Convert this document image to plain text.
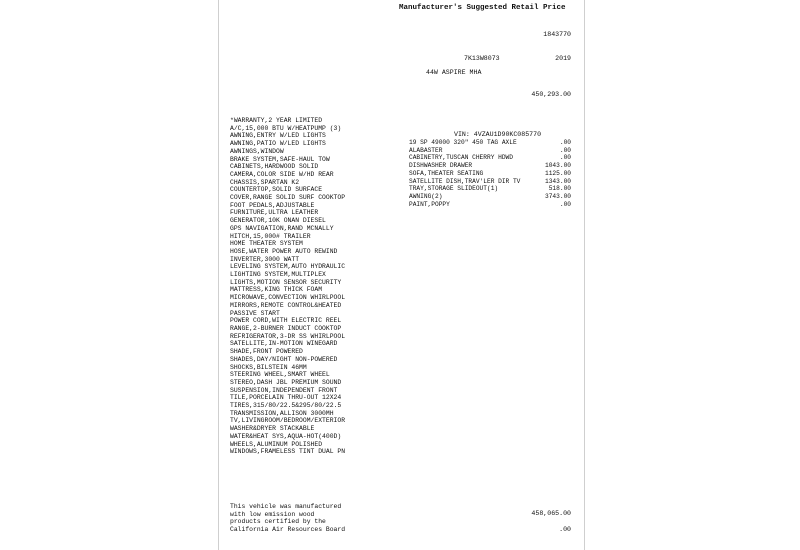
Manufacturer's Suggested Retail Price
1843770
7K13W8073	2019
44W ASPIRE MHA
450,293.00
VIN: 4VZAU1D90KC085770
*WARRANTY,2 YEAR LIMITED
A/C,15,000 BTU W/HEATPUMP (3)
AWNING,ENTRY W/LED LIGHTS
AWNING,PATIO W/LED LIGHTS
AWNINGS,WINDOW
BRAKE SYSTEM,SAFE-HAUL TOW
CABINETS,HARDWOOD SOLID
CAMERA,COLOR SIDE W/HD REAR
CHASSIS,SPARTAN K2
COUNTERTOP,SOLID SURFACE
COVER,RANGE SOLID SURF COOKTOP
FOOT PEDALS,ADJUSTABLE
FURNITURE,ULTRA LEATHER
GENERATOR,10K ONAN DIESEL
GPS NAVIGATION,RAND MCNALLY
HITCH,15,000# TRAILER
HOME THEATER SYSTEM
HOSE,WATER POWER AUTO REWIND
INVERTER,3000 WATT
LEVELING SYSTEM,AUTO HYDRAULIC
LIGHTING SYSTEM,MULTIPLEX
LIGHTS,MOTION SENSOR SECURITY
MATTRESS,KING THICK FOAM
MICROWAVE,CONVECTION WHIRLPOOL
MIRRORS,REMOTE CONTROL&HEATED
PASSIVE START
POWER CORD,WITH ELECTRIC REEL
RANGE,2-BURNER INDUCT COOKTOP
REFRIGERATOR,3-DR SS WHIRLPOOL
SATELLITE,IN-MOTION WINEGARD
SHADE,FRONT POWERED
SHADES,DAY/NIGHT NON-POWERED
SHOCKS,BILSTEIN 46MM
STEERING WHEEL,SMART WHEEL
STEREO,DASH JBL PREMIUM SOUND
SUSPENSION,INDEPENDENT FRONT
TILE,PORCELAIN THRU-OUT 12X24
TIRES,315/80/22.5&295/80/22.5
TRANSMISSION,ALLISON 3000MH
TV,LIVINGROOM/BEDROOM/EXTERIOR
WASHER&DRYER STACKABLE
WATER&HEAT SYS,AQUA-HOT(400D)
WHEELS,ALUMINUM POLISHED
WINDOWS,FRAMELESS TINT DUAL PN
19 SP 49000 320" 450 TAG AXLE	.00
ALABASTER	.00
CABINETRY,TUSCAN CHERRY HDWD	.00
DISHWASHER DRAWER	1043.00
SOFA,THEATER SEATING	1125.00
SATELLITE DISH,TRAV'LER DIR TV	1343.00
TRAY,STORAGE SLIDEOUT(1)	518.00
AWNING(2)	3743.00
PAINT,POPPY	.00
This vehicle was manufactured
with low emission wood
products certified by the
California Air Resources Board
458,065.00
.00
